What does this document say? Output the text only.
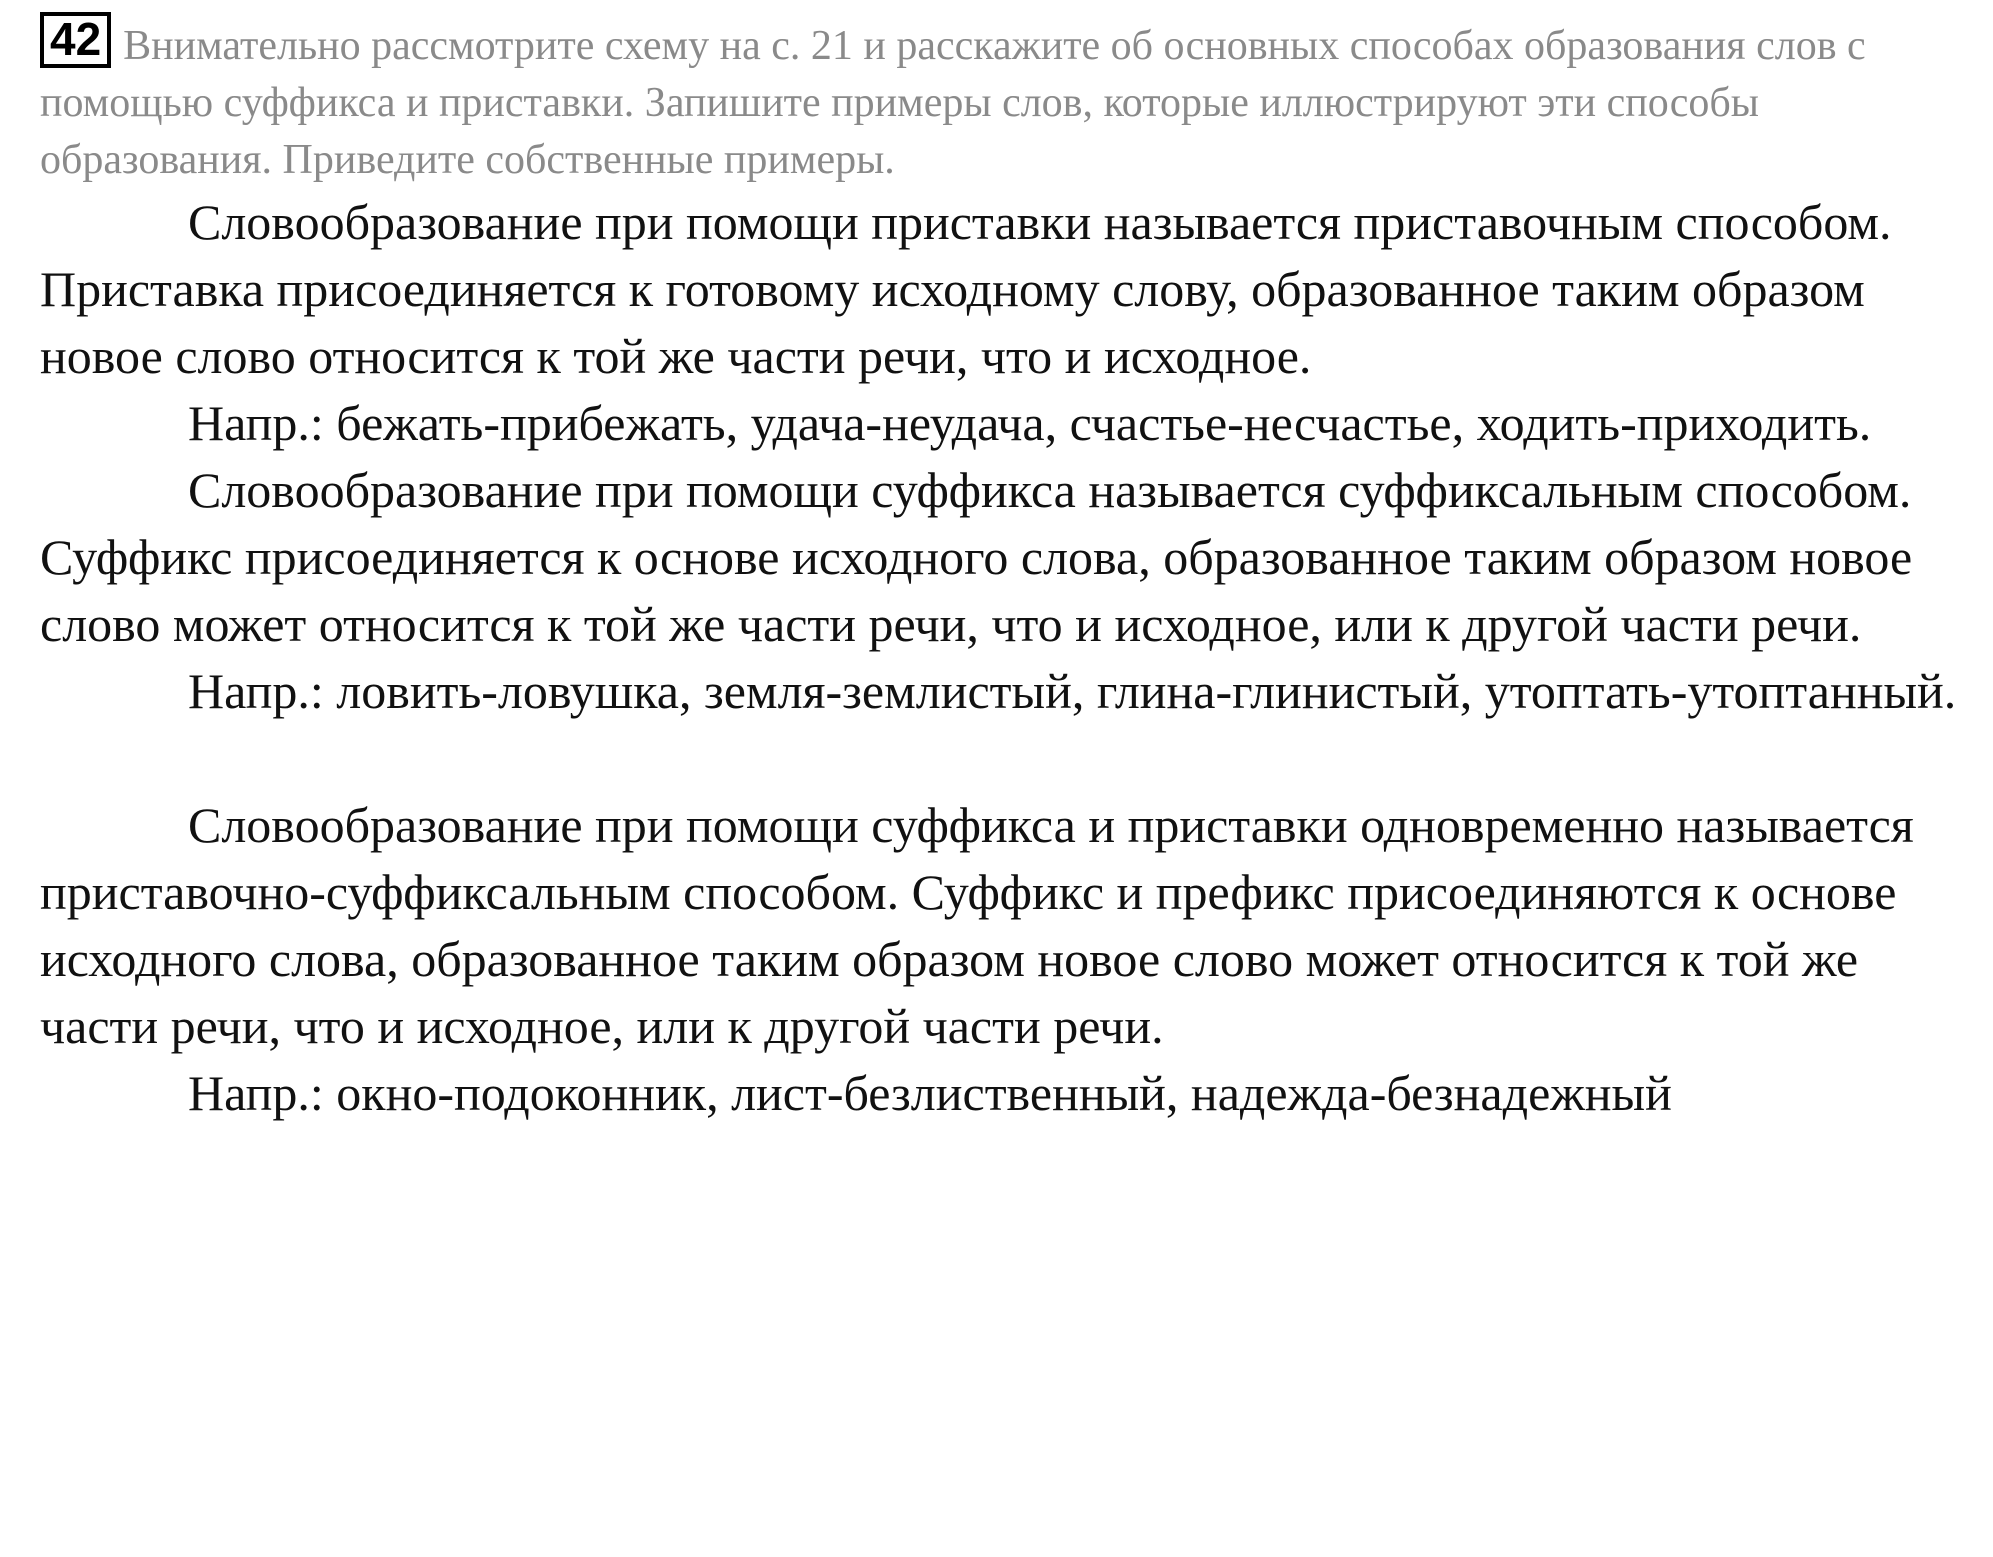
42 Внимательно рассмотрите схему на с. 21 и расскажите об основных способах образования слов с помощью суффикса и приставки. Запишите примеры слов, которые иллюстрируют эти способы образования. Приведите собственные примеры.

Словообразование при помощи приставки называется приставочным способом. Приставка присоединяется к готовому исходному слову, образованное таким образом новое слово относится к той же части речи, что и исходное.

Напр.: бежать-прибежать, удача-неудача, счастье-несчастье, ходить-приходить.

Словообразование при помощи суффикса называется суффиксальным способом. Суффикс присоединяется к основе исходного слова, образованное таким образом новое слово может относится к той же части речи, что и исходное, или к другой части речи.

Напр.: ловить-ловушка, земля-землистый, глина-глинистый, утоптать-утоптанный.

Словообразование при помощи суффикса и приставки одновременно называется приставочно-суффиксальным способом. Суффикс и префикс присоединяются к основе исходного слова, образованное таким образом новое слово может относится к той же части речи, что и исходное, или к другой части речи.

Напр.: окно-подоконник, лист-безлиственный, надежда-безнадежный
